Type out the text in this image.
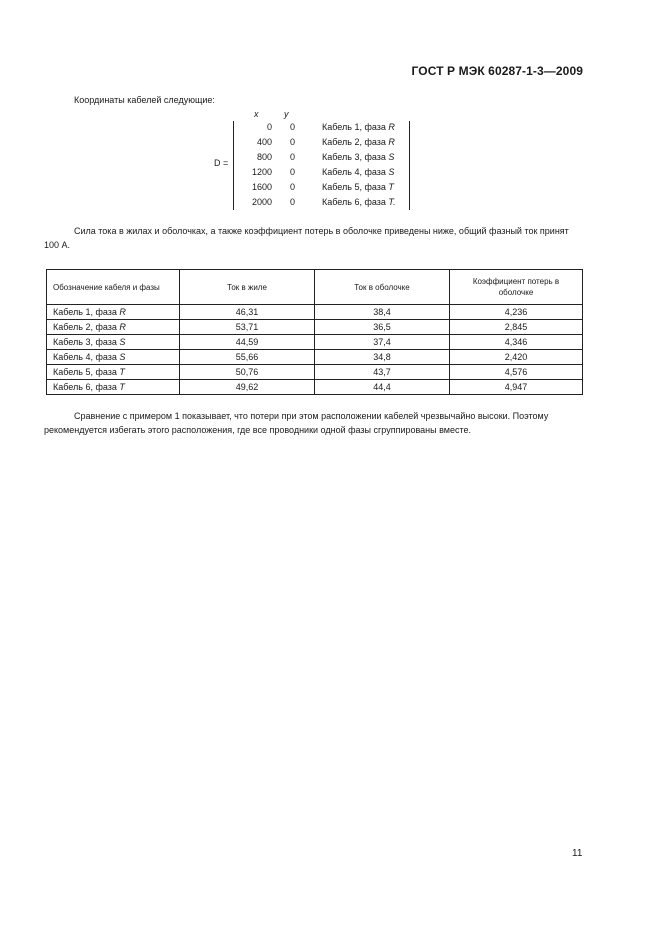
ГОСТ Р МЭК 60287-1-3—2009
Координаты кабелей следующие:
D =
x	y
0 0	Кабель 1, фаза R
400 0	Кабель 2, фаза R
800 0	Кабель 3, фаза S
1200 0	Кабель 4, фаза S
1600 0	Кабель 5, фаза T
2000 0	Кабель 6, фаза T.
Сила тока в жилах и оболочках, а также коэффициент потерь в оболочке приведены ниже, общий фазный ток принят 100 А.
Обозначение кабеля и фазы	Ток в жиле	Ток в оболочке	Коэффициент потерь в оболочке
Кабель 1, фаза R	46,31	38,4	4,236
Кабель 2, фаза R	53,71	36,5	2,845
Кабель 3, фаза S	44,59	37,4	4,346
Кабель 4, фаза S	55,66	34,8	2,420
Кабель 5, фаза T	50,76	43,7	4,576
Кабель 6, фаза T	49,62	44,4	4,947
Сравнение с примером 1 показывает, что потери при этом расположении кабелей чрезвычайно высоки. Поэтому рекомендуется избегать этого расположения, где все проводники одной фазы сгруппированы вместе.
11
